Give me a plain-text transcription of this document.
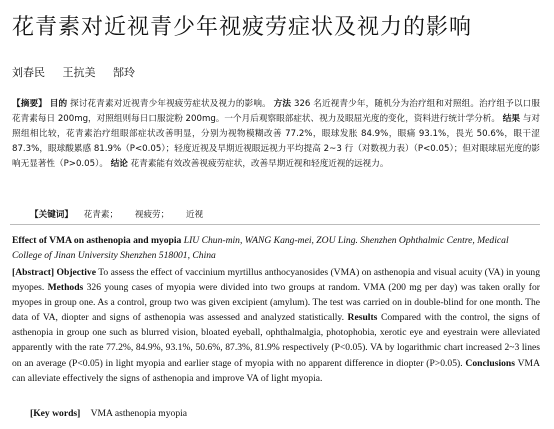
花青素对近视青少年视疲劳症状及视力的影响
刘春民 王抗美 郜玲
【摘要】 目的 探讨花青素对近视青少年视疲劳症状及视力的影响。 方法 326 名近视青少年，随机分为治疗组和对照组。治疗组予以口服花青素每日 200mg，对照组则每日口服淀粉 200mg。一个月后观察眼部症状、视力及眼屈光度的变化，资料进行统计学分析。 结果 与对照组相比较，花青素治疗组眼部症状改善明显，分别为视物模糊改善 77.2%，眼球发胀 84.9%，眼痛 93.1%，畏光 50.6%，眼干涩 87.3%，眼球酸累感 81.9%（P<0.05）；轻度近视及早期近视眼远视力平均提高 2~3 行（对数视力表）（P<0.05）；但对眼球屈光度的影响无显著性（P>0.05）。 结论 花青素能有效改善视疲劳症状，改善早期近视和轻度近视的远视力。
【关键词】 花青素； 视疲劳； 近视
Effect of VMA on asthenopia and myopia LIU Chun-min, WANG Kang-mei, ZOU Ling. Shenzhen Ophthalmic Centre, Medical College of Jinan University Shenzhen 518001, China
[Abstract] Objective To assess the effect of vaccinium myrtillus anthocyanosides (VMA) on asthenopia and visual acuity (VA) in young myopes. Methods 326 young cases of myopia were divided into two groups at random. VMA (200 mg per day) was taken orally for myopes in group one. As a control, group two was given excipient (amylum). The test was carried on in double-blind for one month. The data of VA, diopter and signs of asthenopia was assessed and analyzed statistically. Results Compared with the control, the signs of asthenopia in group one such as blurred vision, bloated eyeball, ophthalmalgia, photophobia, xerotic eye and eyestrain were alleviated apparently with the rate 77.2%, 84.9%, 93.1%, 50.6%, 87.3%, 81.9% respectively (P<0.05). VA by logarithmic chart increased 2~3 lines on an average (P<0.05) in light myopia and earlier stage of myopia with no apparent difference in diopter (P>0.05). Conclusions VMA can alleviate effectively the signs of asthenopia and improve VA of light myopia.
[Key words] VMA asthenopia myopia
